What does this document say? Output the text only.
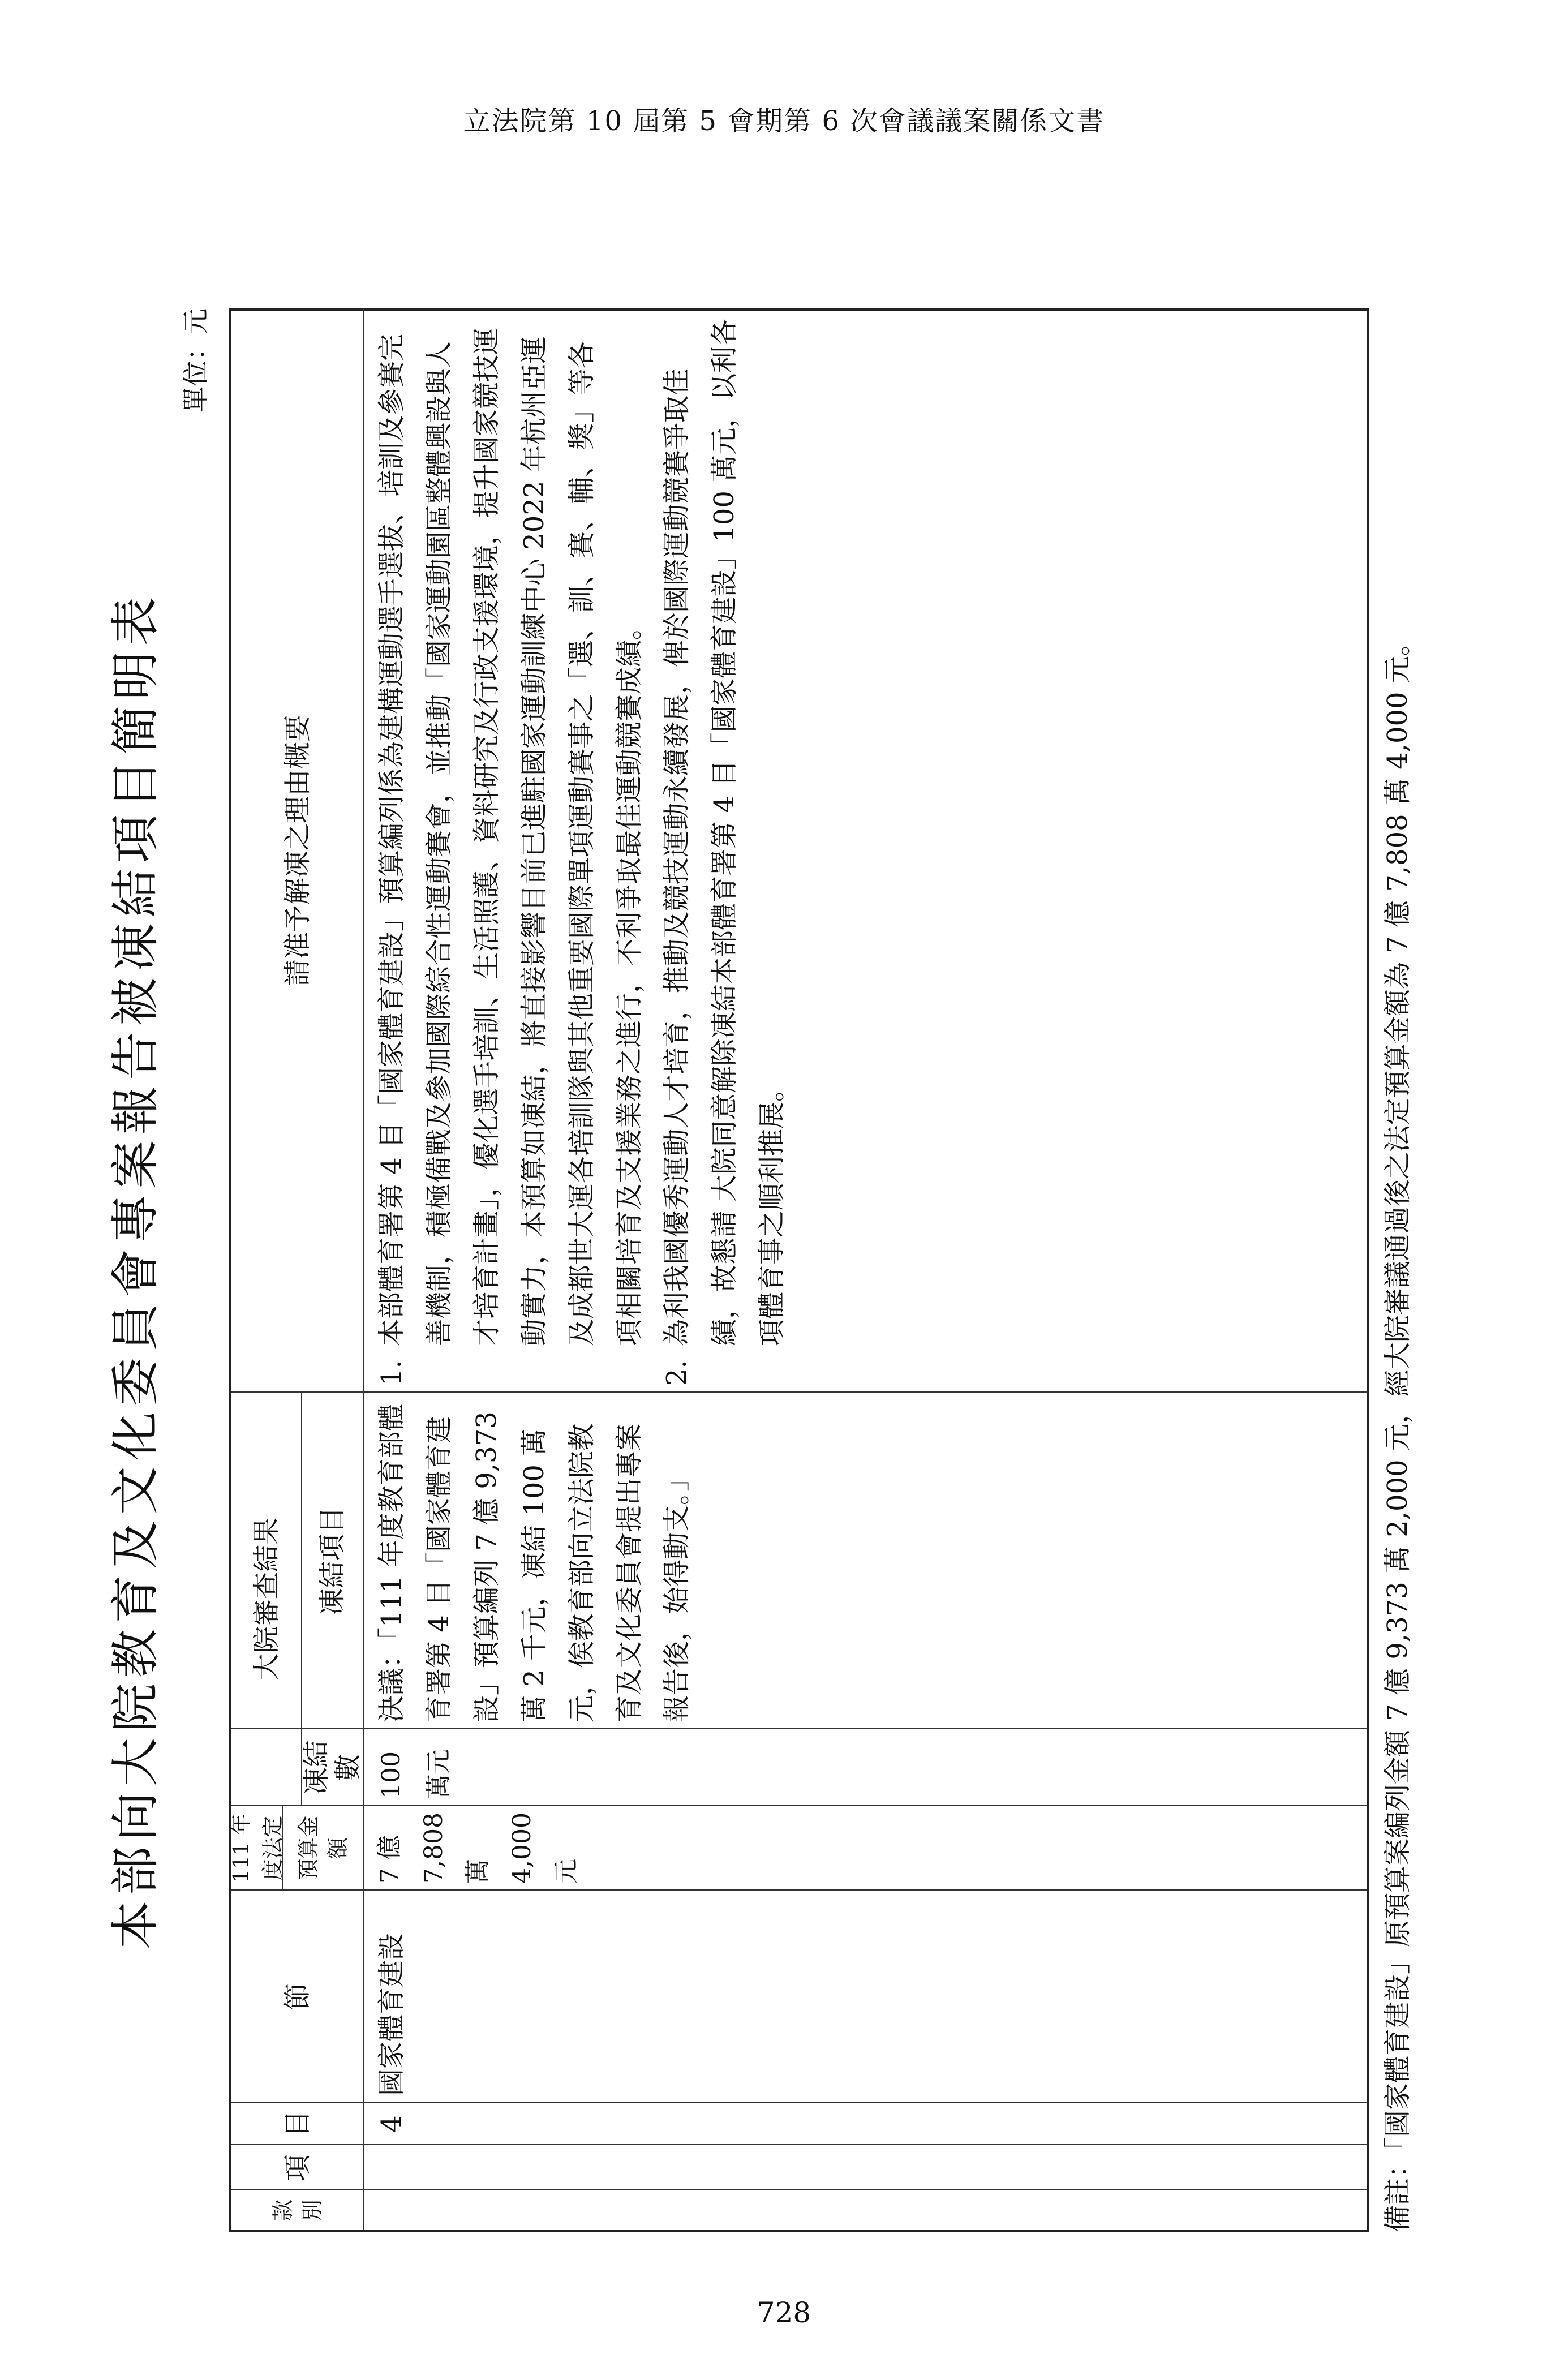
立法院第 10 屆第 5 會期第 6 次會議議案關係文書
本部向大院教育及文化委員會專案報告被凍結項目簡明表
單位：元
款
別
項
目
節
111 年度法定 預算金額
大院審查結果
凍結數
凍結項目
請准予解凍之理由概要
4
國家體育建設
7 億 7,808 萬 4,000 元
100 萬元
決議：「111 年度教育部體育署第 4 目「國家體育建設」預算編列 7 億 9,373 萬 2 千元，凍結 100 萬元，俟教育部向立法院教育及文化委員會提出專案報告後，始得動支。」
1.
本部體育署第 4 目「國家體育建設」預算編列係為建構運動選手選拔、培訓及參賽完善機制，積極備戰及參加國際綜合性運動賽會，並推動「國家運動園區整體興設與人才培育計畫」，優化選手培訓、生活照護、資料研究及行政支援環境，提升國家競技運動實力，本預算如凍結，將直接影響目前已進駐國家運動訓練中心 2022 年杭州亞運及成都世大運各培訓隊與其他重要國際單項運動賽事之「選、訓、賽、輔、獎」等各項相關培育及支援業務之進行，不利爭取最佳運動競賽成績。
2.
為利我國優秀運動人才培育，推動及競技運動永續發展，俾於國際運動競賽爭取佳績，故懇請 大院同意解除凍結本部體育署第 4 目「國家體育建設」100 萬元，以利各項體育事之順利推展。	備註：「國家體育建設」原預算案編列金額 7 億 9,373 萬 2,000 元，經大院審議通過後之法定預算金額為 7 億 7,808 萬 4,000 元。
728
